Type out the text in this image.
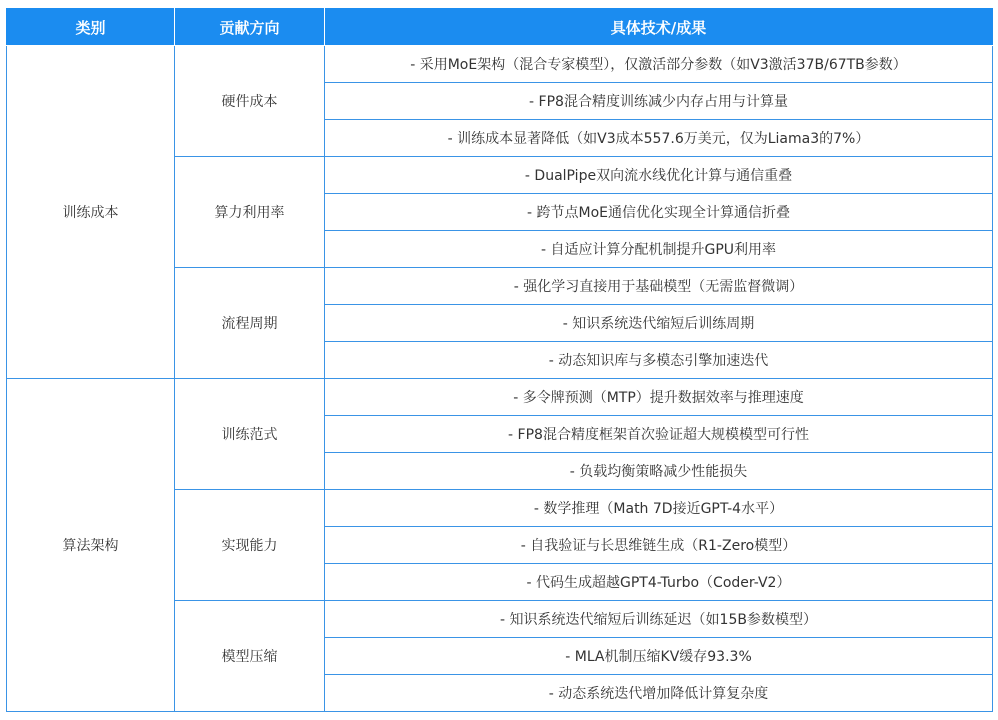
类别	贡献方向	具体技术/成果
训练成本	硬件成本	- 采用MoE架构（混合专家模型），仅激活部分参数（如V3激活37B/67TB参数）
		- FP8混合精度训练减少内存占用与计算量
		- 训练成本显著降低（如V3成本557.6万美元，仅为Liama3的7%）
	算力利用率	- DualPipe双向流水线优化计算与通信重叠
		- 跨节点MoE通信优化实现全计算通信折叠
		- 自适应计算分配机制提升GPU利用率
	流程周期	- 强化学习直接用于基础模型（无需监督微调）
		- 知识系统迭代缩短后训练周期
		- 动态知识库与多模态引擎加速迭代
算法架构	训练范式	- 多令牌预测（MTP）提升数据效率与推理速度
		- FP8混合精度框架首次验证超大规模模型可行性
		- 负载均衡策略减少性能损失
	实现能力	- 数学推理（Math 7D接近GPT-4水平）
		- 自我验证与长思维链生成（R1-Zero模型）
		- 代码生成超越GPT4-Turbo（Coder-V2）
	模型压缩	- 知识系统迭代缩短后训练延迟（如15B参数模型）
		- MLA机制压缩KV缓存93.3%
		- 动态系统迭代增加降低计算复杂度
